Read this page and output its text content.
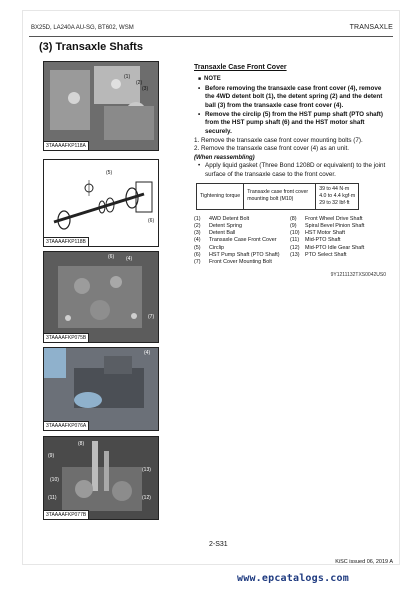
BX25D, LA240A AU-SG, BT602, WSM	TRANSAXLE
(3) Transaxle Shafts
(1)
(2)
(3)
3TAAAAFKP118A
(5)
(6)
3TAAAAFKP118B
(6) (4)
(7)
3TAAAAFKP075B
(4)
3TAAAAFKP076A
(8)
(9)
(10)
(11)
(13)
(12)
3TAAAAFKP077B
Transaxle Case Front Cover
■ NOTE
• Before removing the transaxle case front cover (4), remove the 4WD detent bolt (1), the detent spring (2) and the detent ball (3) from the transaxle case front cover (4).
• Remove the circlip (5) from the HST pump shaft (PTO shaft) from the HST pump shaft (6) and the HST motor shaft securely.
1. Remove the transaxle case front cover mounting bolts (7).
2. Remove the transaxle case front cover (4) as an unit.
(When reassembling)
• Apply liquid gasket (Three Bond 1208D or equivalent) to the joint surface of the transaxle case to the front cover.
Tightening torque	Transaxle case front cover mounting bolt (M10)	
39 to 44 N·m
4.0 to 4.4 kgf·m
29 to 32 lbf·ft
(1)	4WD Detent Bolt
(2)	Detent Spring
(3)	Detent Ball
(4)	Transaxle Case Front Cover
(5)	Circlip
(6)	HST Pump Shaft (PTO Shaft)
(7)	Front Cover Mounting Bolt
(8)	Front Wheel Drive Shaft
(9)	Spiral Bevel Pinion Shaft
(10)	HST Motor Shaft
(11)	Mid-PTO Shaft
(12)	Mid-PTO Idle Gear Shaft
(13)	PTO Select Shaft
9Y1211132TXS0042US0
2-S31
KiSC issued 06, 2019 A
www.epcatalogs.com
